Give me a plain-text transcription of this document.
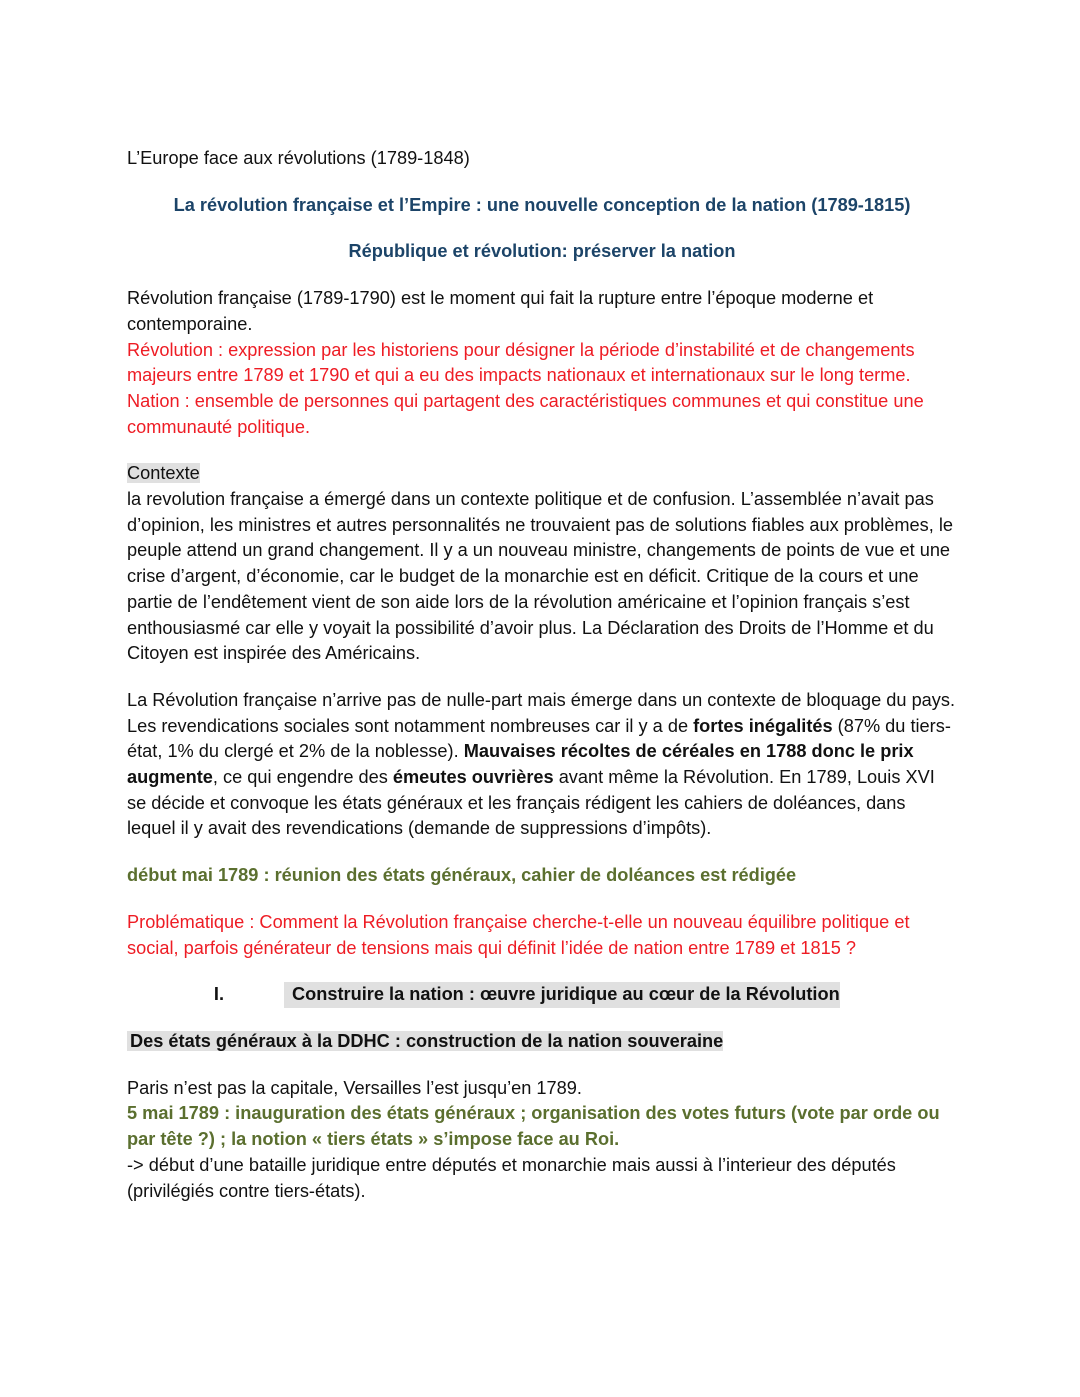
L’Europe face aux révolutions (1789-1848)

La révolution française et l’Empire : une nouvelle conception de la nation (1789-1815)

République et révolution: préserver la nation

Révolution française (1789-1790) est le moment qui fait la rupture entre l’époque moderne et contemporaine.

Révolution : expression par les historiens pour désigner la période d’instabilité et de changements majeurs entre 1789 et 1790 et qui a eu des impacts nationaux et internationaux sur le long terme.

Nation : ensemble de personnes qui partagent des caractéristiques communes et qui constitue une communauté politique.

Contexte

la revolution française a émergé dans un contexte politique et de confusion. L’assemblée n’avait pas d’opinion, les ministres et autres personnalités ne trouvaient pas de solutions fiables aux problèmes, le peuple attend un grand changement. Il y a un nouveau ministre, changements de points de vue et une crise d’argent, d’économie, car le budget de la monarchie est en déficit. Critique de la cours et une partie de l’endêtement vient de son aide lors de la révolution américaine et l’opinion français s’est enthousiasmé car elle y voyait la possibilité d’avoir plus. La Déclaration des Droits de l’Homme et du Citoyen est inspirée des Américains.

La Révolution française n’arrive pas de nulle-part mais émerge dans un contexte de bloquage du pays. Les revendications sociales sont notamment nombreuses car il y a de fortes inégalités (87% du tiers-état, 1% du clergé et 2% de la noblesse). Mauvaises récoltes de céréales en 1788 donc le prix augmente, ce qui engendre des émeutes ouvrières avant même la Révolution. En 1789, Louis XVI se décide et convoque les états généraux et les français rédigent les cahiers de doléances, dans lequel il y avait des revendications (demande de suppressions d’impôts).

début mai 1789 : réunion des états généraux, cahier de doléances est rédigée

Problématique : Comment la Révolution française cherche-t-elle un nouveau équilibre politique et social, parfois générateur de tensions mais qui définit l’idée de nation entre 1789 et 1815 ?

I.	Construire la nation : œuvre juridique au cœur de la Révolution

Des états généraux à la DDHC : construction de la nation souveraine

Paris n’est pas la capitale, Versailles l’est jusqu’en 1789.

5 mai 1789 : inauguration des états généraux ; organisation des votes futurs (vote par orde ou par tête ?) ; la notion « tiers états » s’impose face au Roi.

-> début d’une bataille juridique entre députés et monarchie mais aussi à l’interieur des députés (privilégiés contre tiers-états).
